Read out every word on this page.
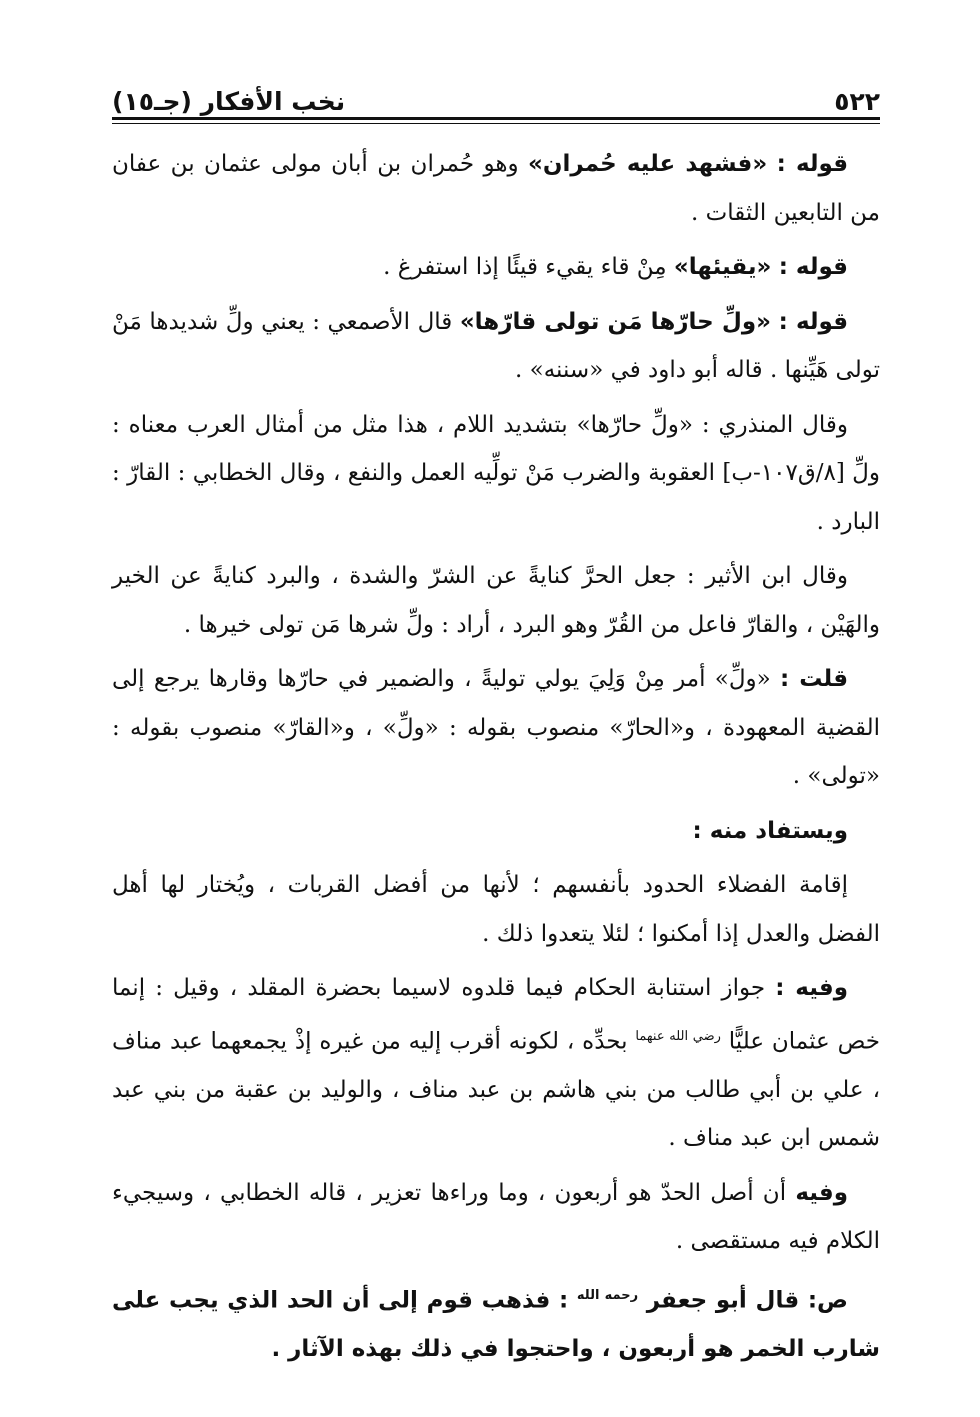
٥٢٢
نخب الأفكار (جـ١٥)

قوله : «فشهد عليه حُمران» وهو حُمران بن أبان مولى عثمان بن عفان من التابعين الثقات .

قوله : «يقيئها» مِنْ قاء يقيء قيئًا إذا استفرغ .

قوله : «ولِّ حارّها مَن تولى قارّها» قال الأصمعي : يعني ولِّ شديدها مَنْ تولى هَيِّنها . قاله أبو داود في «سننه» .

وقال المنذري : «ولِّ حارّها» بتشديد اللام ، هذا مثل من أمثال العرب معناه : ولِّ [٨/ق١٠٧-ب] العقوبة والضرب مَنْ تولِّيه العمل والنفع ، وقال الخطابي : القارّ : البارد .

وقال ابن الأثير : جعل الحرَّ كنايةً عن الشرّ والشدة ، والبرد كنايةً عن الخير والهَيْن ، والقارّ فاعل من القُرّ وهو البرد ، أراد : ولِّ شرها مَن تولى خيرها .

قلت : «ولِّ» أمر مِنْ وَلِيَ يولي توليةً ، والضمير في حارّها وقارها يرجع إلى القضية المعهودة ، و«الحارّ» منصوب بقوله : «ولِّ» ، و«القارّ» منصوب بقوله : «تولى» .

ويستفاد منه :

إقامة الفضلاء الحدود بأنفسهم ؛ لأنها من أفضل القربات ، ويُختار لها أهل الفضل والعدل إذا أمكنوا ؛ لئلا يتعدوا ذلك .

وفيه : جواز استنابة الحكام فيما قلدوه لاسيما بحضرة المقلد ، وقيل : إنما خص عثمان عليًّا $^{رضي الله عنهما}$ بحدِّه ، لكونه أقرب إليه من غيره إذْ يجمعهما عبد مناف ، علي بن أبي طالب من بني هاشم بن عبد مناف ، والوليد بن عقبة من بني عبد شمس ابن عبد مناف .

وفيه أن أصل الحدّ هو أربعون ، وما وراءها تعزير ، قاله الخطابي ، وسيجيء الكلام فيه مستقصى .

ص: قال أبو جعفر $^{رحمه الله}$ : فذهب قوم إلى أن الحد الذي يجب على شارب الخمر هو أربعون ، واحتجوا في ذلك بهذه الآثار .
